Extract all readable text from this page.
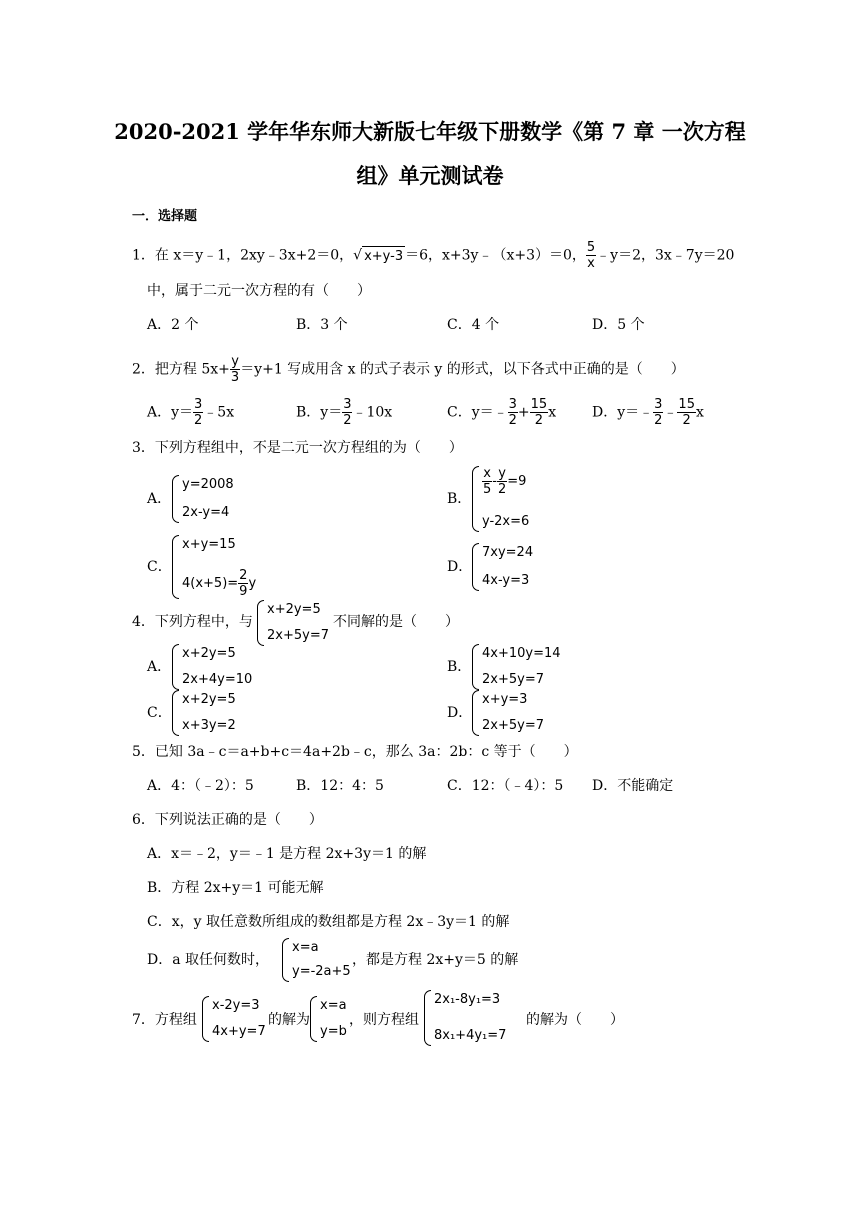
2020-2021 学年华东师大新版七年级下册数学《第 7 章 一次方程
组》单元测试卷
一．选择题
1．在 x＝y﹣1，2xy﹣3x+2＝0，√ x+y-3 ＝6，x+3y﹣（x+3）＝0， $\frac{5}{x}$ ﹣y＝2，3x﹣7y＝20
中，属于二元一次方程的有（　　）
A．2 个	B．3 个	C．4 个	D．5 个
2．把方程 $5x+ \frac{y}{3} =y+1$ 写成用含 x 的式子表示 y 的形式，以下各式中正确的是（　　）
A．$y= \frac{3}{2}$ ﹣5x	B．$y= \frac{3}{2}$ ﹣10x	C．y＝﹣ $\frac{3}{2} + \frac{15}{2}$ x	D．y＝﹣ $\frac{3}{2}$ ﹣ $\frac{15}{2}$ x
3．下列方程组中，不是二元一次方程组的为（　　）
A．
y=2008
2x-y=4
B．
$\frac{x}{5} - \frac{y}{2} =9$
y-2x=6
C．
x+y=15
$4(x+5)= \frac{2}{9}$ y
D．
7xy=24
4x-y=3
4．下列方程中，与
x+2y=5
2x+5y=7
不同解的是（　　）
A．
x+2y=5
2x+4y=10
B．
4x+10y=14
2x+5y=7
C．
x+2y=5
x+3y=2
D．
x+y=3
2x+5y=7
5．已知 3a﹣c＝a+b+c＝4a+2b﹣c，那么 3a：2b：c 等于（　　）
A．4：（﹣2）：5	B．12：4：5	C．12：（﹣4）：5 D．不能确定
6．下列说法正确的是（　　）
A．x＝﹣2，y＝﹣1 是方程 2x+3y＝1 的解
B．方程 2x+y＝1 可能无解
C．x，y 取任意数所组成的数组都是方程 2x﹣3y＝1 的解
D．a 取任何数时，
x=a
y=-2a+5
，都是方程 2x+y＝5 的解
7．方程组
x-2y=3
4x+y=7
的解为
x=a
y=b
，则方程组
2x₁-8y₁=3
8x₁+4y₁=7
的解为（　　）
